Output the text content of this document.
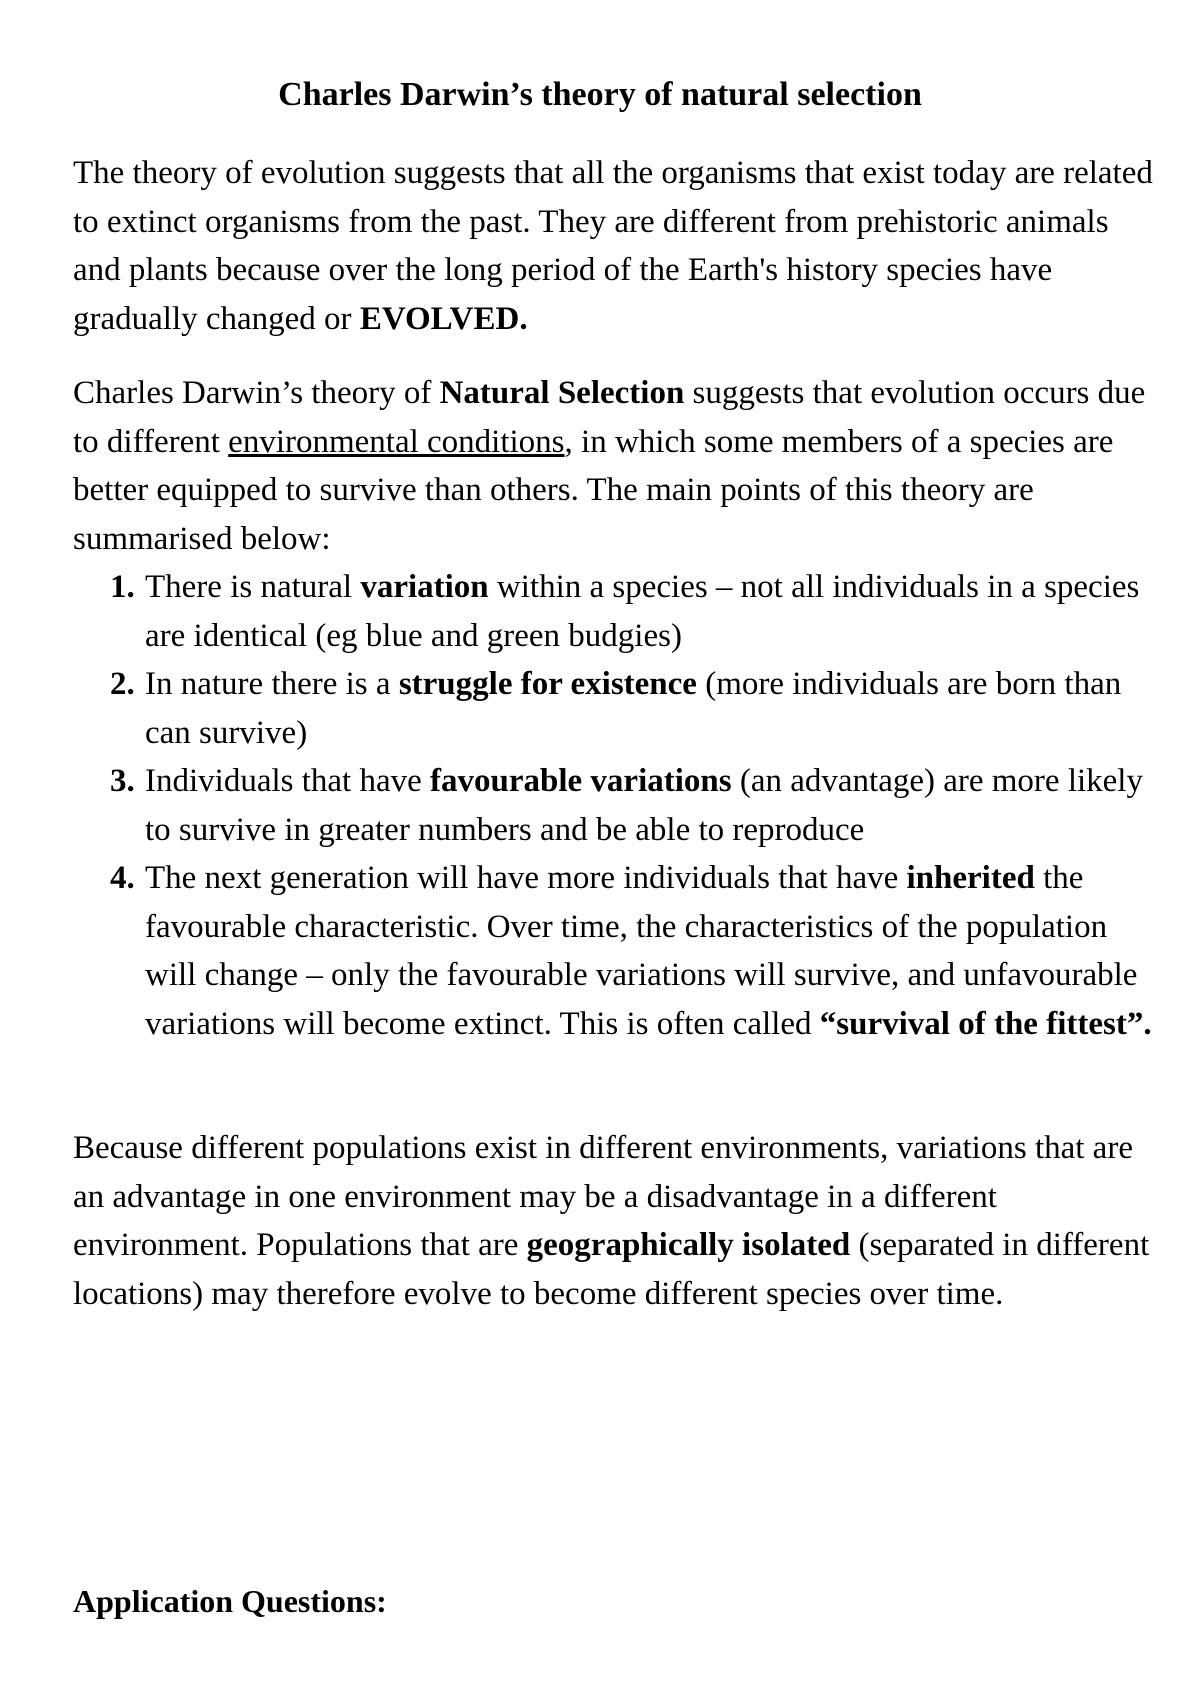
Charles Darwin’s theory of natural selection

The theory of evolution suggests that all the organisms that exist today are related to extinct organisms from the past. They are different from prehistoric animals and plants because over the long period of the Earth's history species have gradually changed or EVOLVED.

Charles Darwin’s theory of Natural Selection suggests that evolution occurs due to different environmental conditions, in which some members of a species are better equipped to survive than others. The main points of this theory are summarised below:

1. There is natural variation within a species – not all individuals in a species are identical (eg blue and green budgies)
2. In nature there is a struggle for existence (more individuals are born than can survive)
3. Individuals that have favourable variations (an advantage) are more likely to survive in greater numbers and be able to reproduce
4. The next generation will have more individuals that have inherited the favourable characteristic. Over time, the characteristics of the population will change – only the favourable variations will survive, and unfavourable variations will become extinct. This is often called “survival of the fittest”.

Because different populations exist in different environments, variations that are an advantage in one environment may be a disadvantage in a different environment. Populations that are geographically isolated (separated in different locations) may therefore evolve to become different species over time.

Application Questions:
